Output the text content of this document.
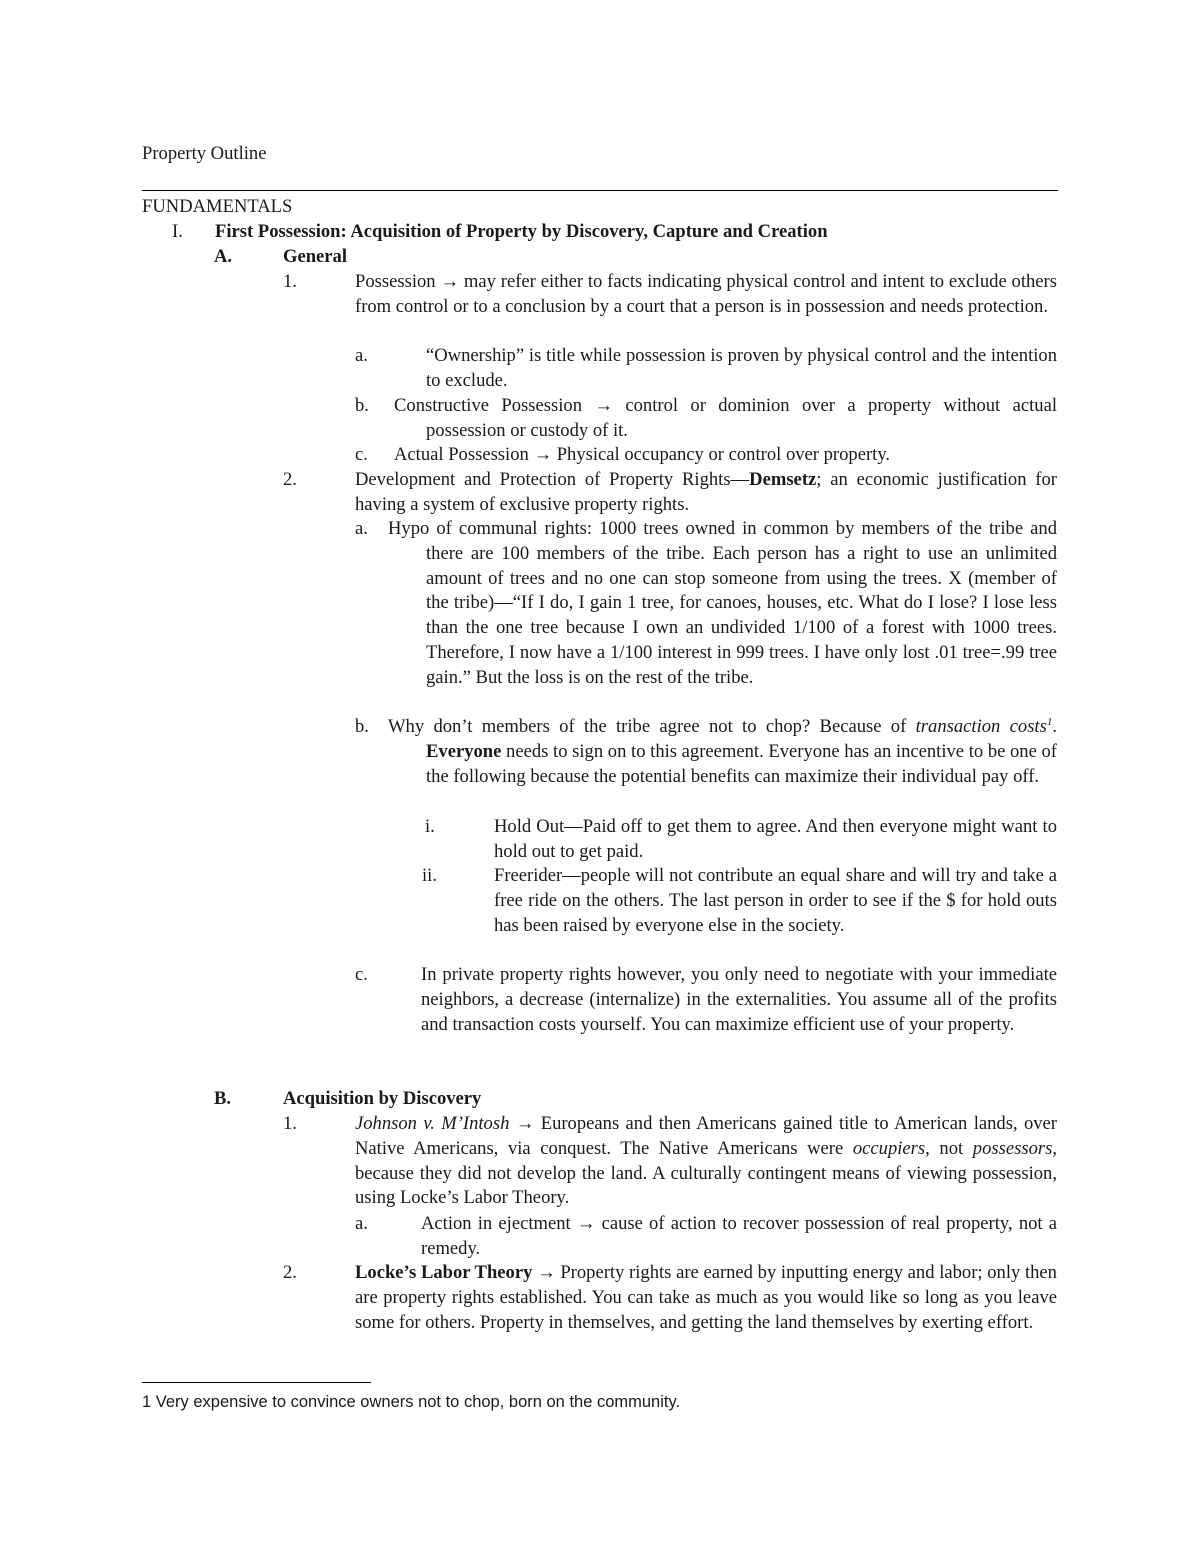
Property Outline
FUNDAMENTALS
I. First Possession: Acquisition of Property by Discovery, Capture and Creation
A.	General
1.	Possession → may refer either to facts indicating physical control and intent to exclude others from control or to a conclusion by a court that a person is in possession and needs protection.
a.	“Ownership” is title while possession is proven by physical control and the intention to exclude.
b.	Constructive Possession → control or dominion over a property without actual possession or custody of it.
c. Actual Possession → Physical occupancy or control over property.
2.	Development and Protection of Property Rights—Demsetz; an economic justification for having a system of exclusive property rights.
a.	Hypo of communal rights: 1000 trees owned in common by members of the tribe and there are 100 members of the tribe. Each person has a right to use an unlimited amount of trees and no one can stop someone from using the trees. X (member of the tribe)—“If I do, I gain 1 tree, for canoes, houses, etc. What do I lose? I lose less than the one tree because I own an undivided 1/100 of a forest with 1000 trees. Therefore, I now have a 1/100 interest in 999 trees. I have only lost .01 tree=.99 tree gain.” But the loss is on the rest of the tribe.
b.	Why don’t members of the tribe agree not to chop? Because of transaction costs$^1$. Everyone needs to sign on to this agreement. Everyone has an incentive to be one of the following because the potential benefits can maximize their individual pay off.
i.	Hold Out—Paid off to get them to agree. And then everyone might want to hold out to get paid.
ii.	Freerider—people will not contribute an equal share and will try and take a free ride on the others. The last person in order to see if the $ for hold outs has been raised by everyone else in the society.
c.	In private property rights however, you only need to negotiate with your immediate neighbors, a decrease (internalize) in the externalities. You assume all of the profits and transaction costs yourself. You can maximize efficient use of your property.
B.	Acquisition by Discovery
1.	Johnson v. M’Intosh → Europeans and then Americans gained title to American lands, over Native Americans, via conquest. The Native Americans were occupiers, not possessors, because they did not develop the land. A culturally contingent means of viewing possession, using Locke’s Labor Theory.
a.	Action in ejectment → cause of action to recover possession of real property, not a remedy.
2.	Locke’s Labor Theory → Property rights are earned by inputting energy and labor; only then are property rights established. You can take as much as you would like so long as you leave some for others. Property in themselves, and getting the land themselves by exerting effort.
1 Very expensive to convince owners not to chop, born on the community.
